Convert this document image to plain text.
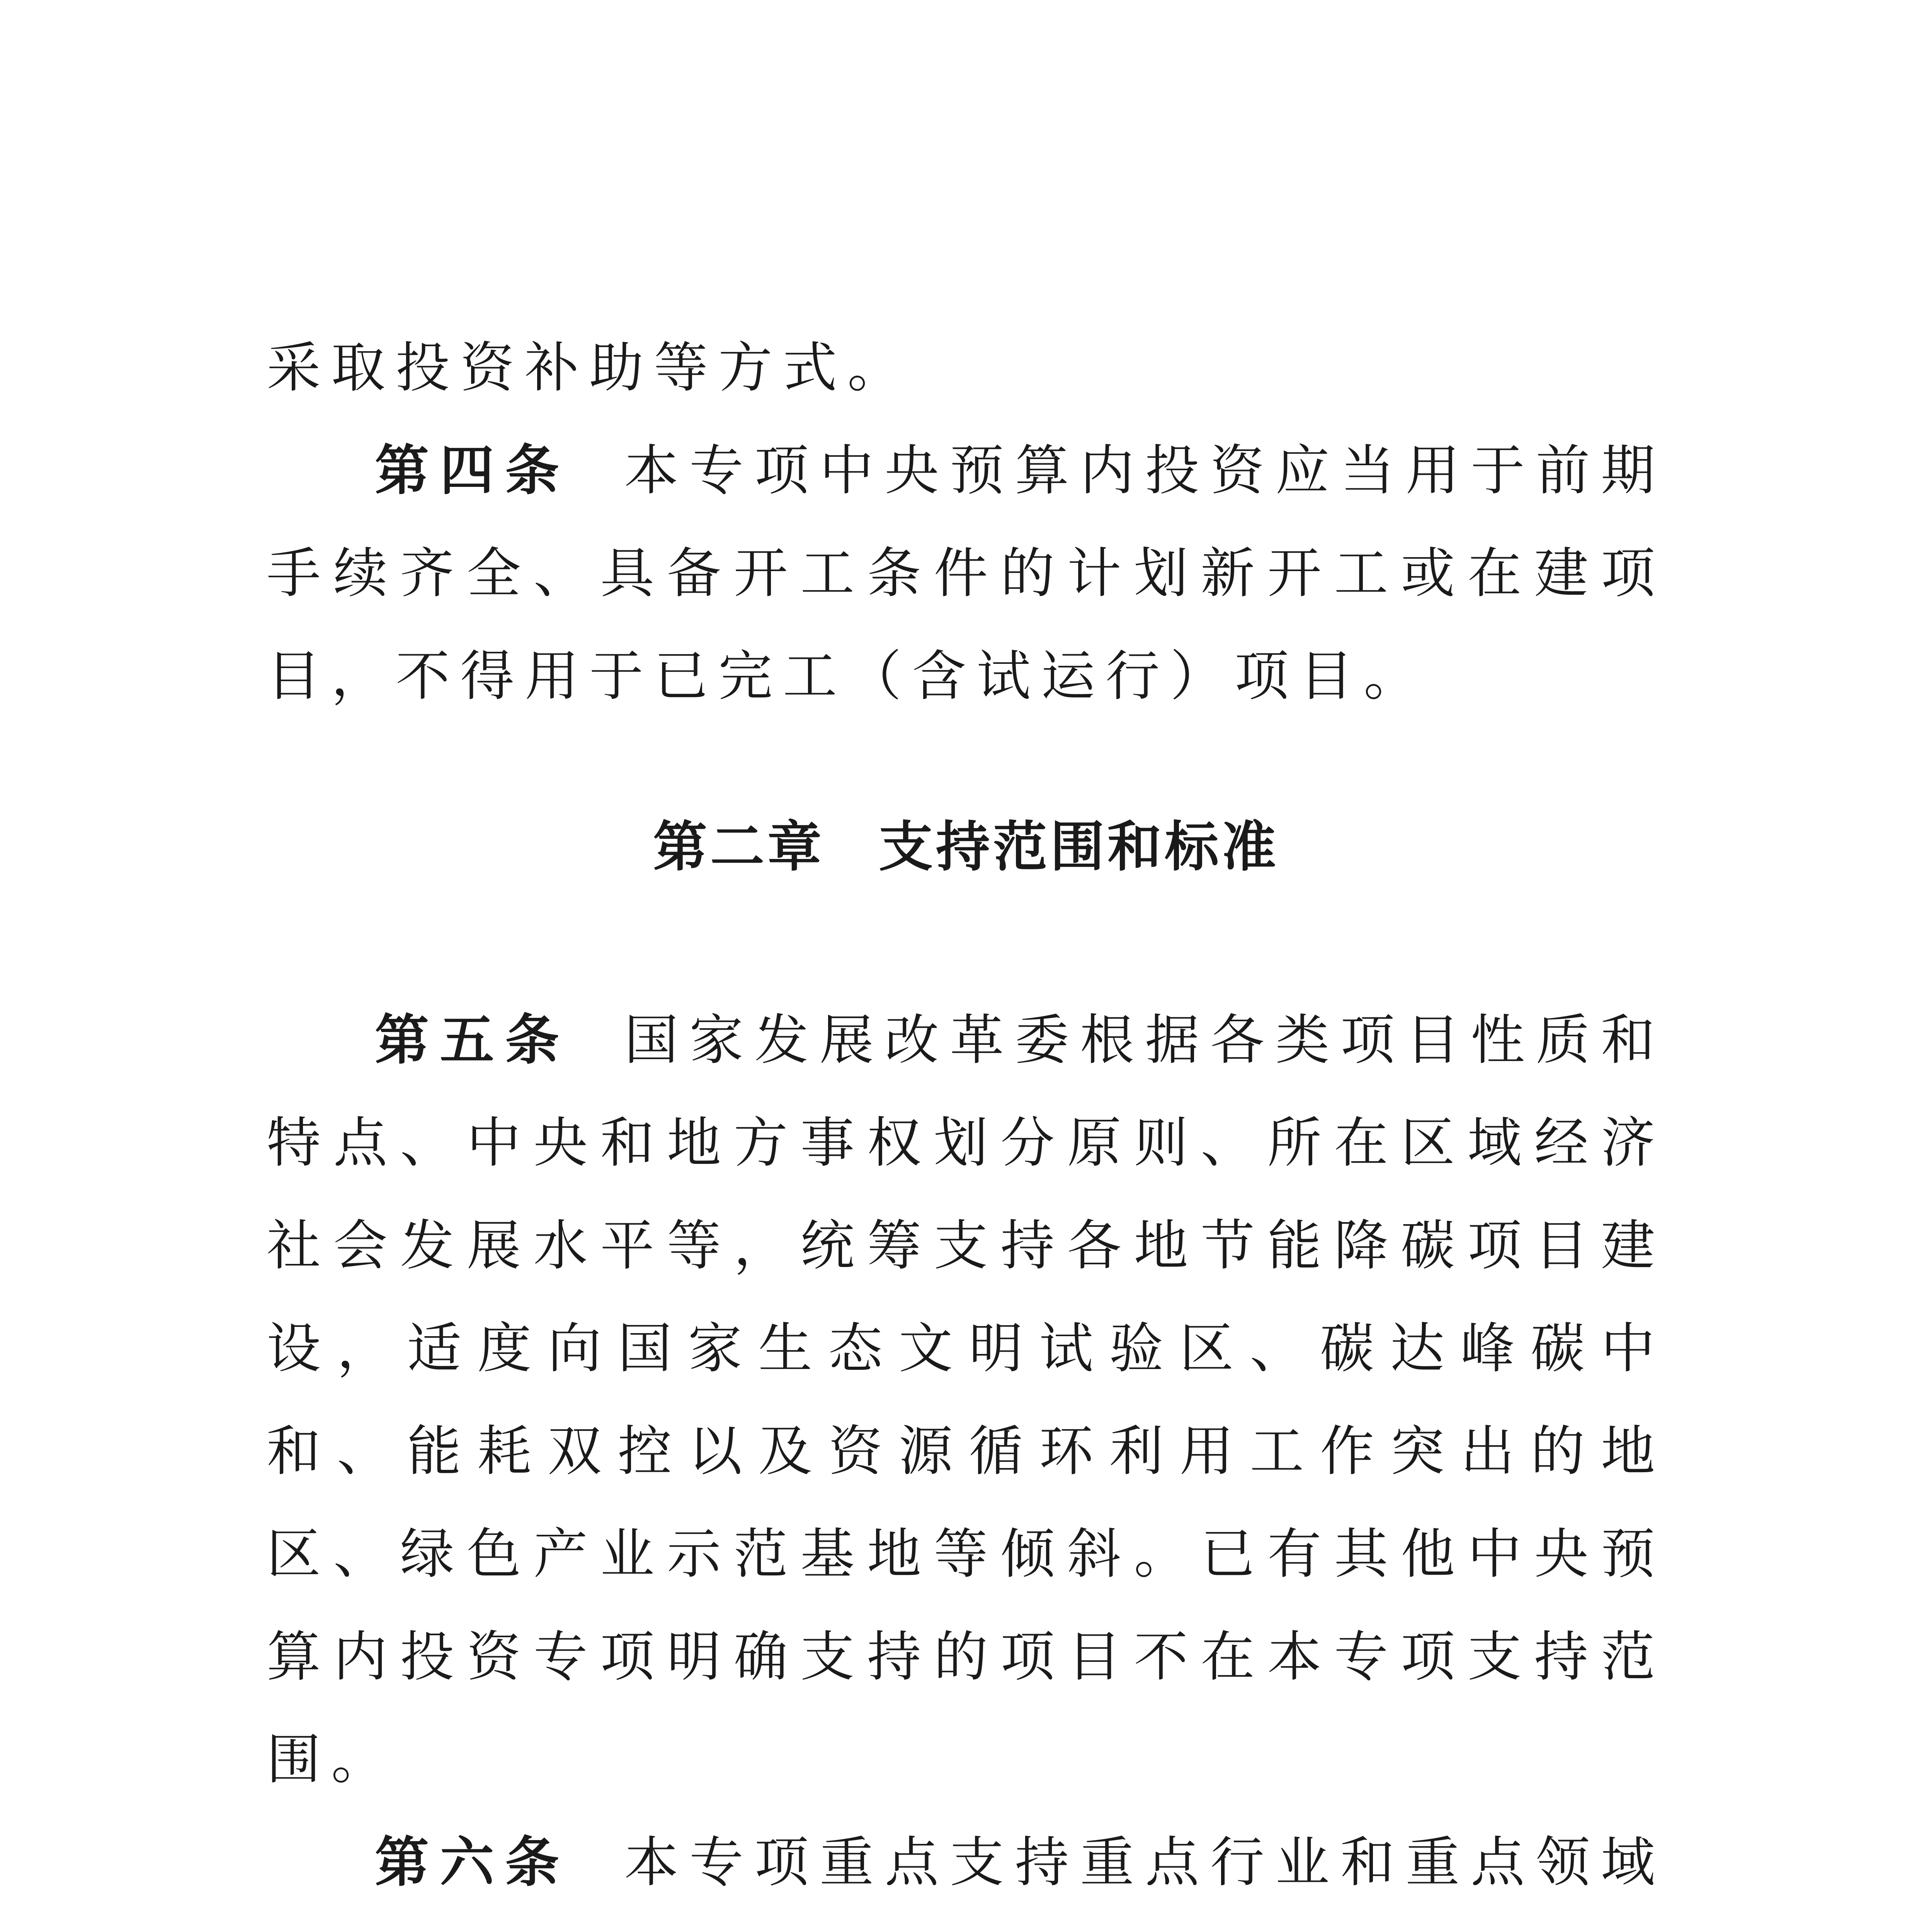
采取投资补助等方式。

第四条 本专项中央预算内投资应当用于前期手续齐全、具备开工条件的计划新开工或在建项目，不得用于已完工（含试运行）项目。

第二章 支持范围和标准

第五条 国家发展改革委根据各类项目性质和特点、中央和地方事权划分原则、所在区域经济社会发展水平等，统筹支持各地节能降碳项目建设，适度向国家生态文明试验区、碳达峰碳中和、能耗双控以及资源循环利用工作突出的地区、绿色产业示范基地等倾斜。已有其他中央预算内投资专项明确支持的项目不在本专项支持范围。

第六条 本专项重点支持重点行业和重点领域
